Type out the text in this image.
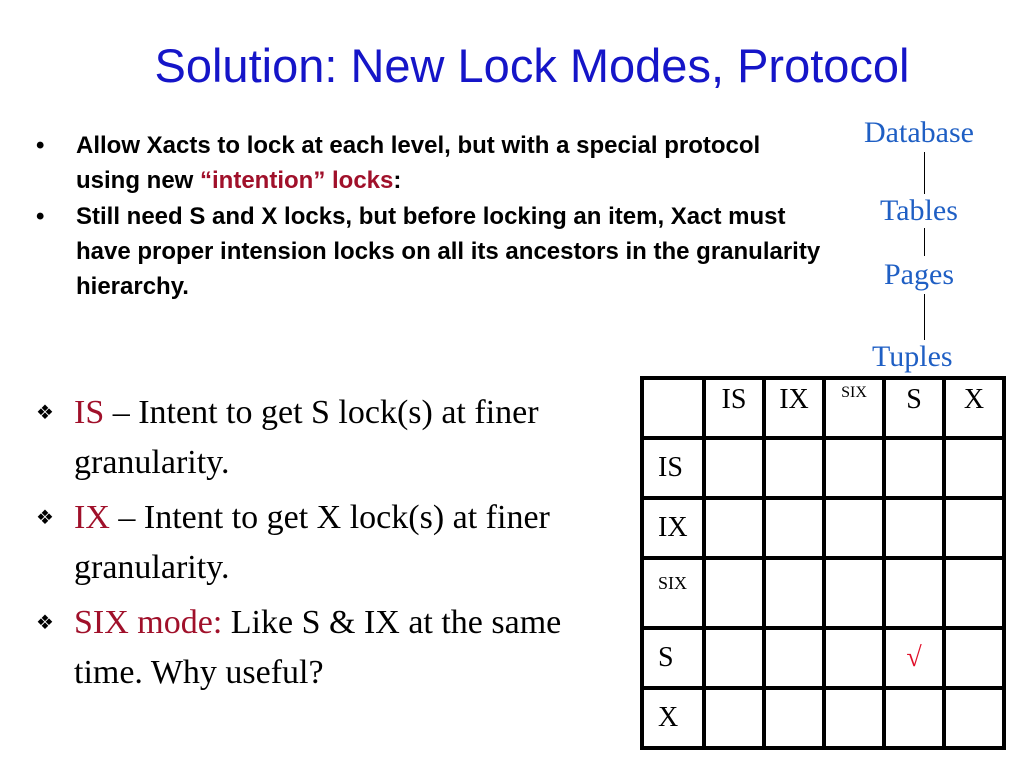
Solution: New Lock Modes, Protocol
• Allow Xacts to lock at each level, but with a special protocol using new “intention” locks:
• Still need S and X locks, but before locking an item, Xact must have proper intension locks on all its ancestors in the granularity hierarchy.
Database
Tables
Pages
Tuples
❖ IS – Intent to get S lock(s) at finer granularity.
❖ IX – Intent to get X lock(s) at finer granularity.
❖ SIX mode: Like S & IX at the same time. Why useful?
	IS	IX	SIX	S	X
IS					
IX					
SIX					
S				√	
X					
